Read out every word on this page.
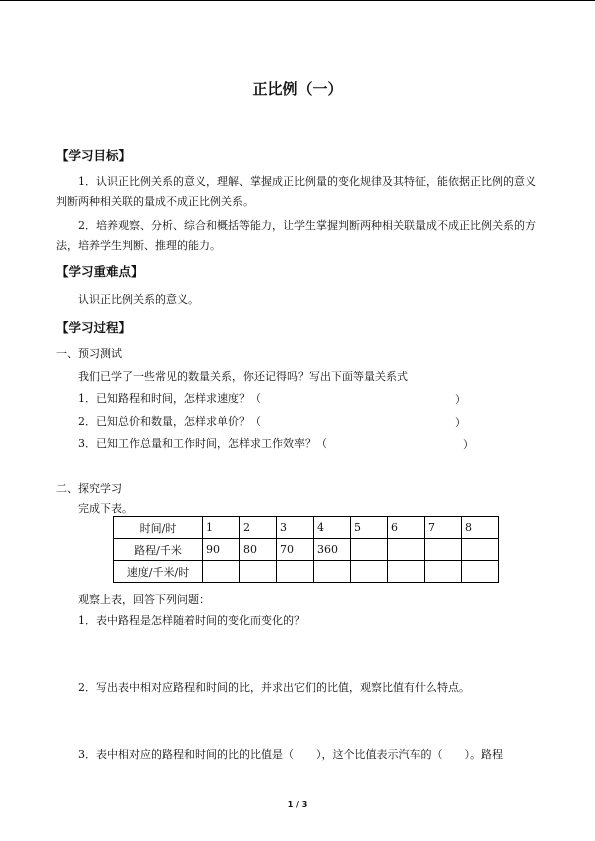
正比例（一）
【学习目标】
1．认识正比例关系的意义，理解、掌握成正比例量的变化规律及其特征，能依据正比例的意义判断两种相关联的量成不成正比例关系。
2．培养观察、分析、综合和概括等能力，让学生掌握判断两种相关联量成不成正比例关系的方法，培养学生判断、推理的能力。
【学习重难点】
认识正比例关系的意义。
【学习过程】
一、预习测试
我们已学了一些常见的数量关系，你还记得吗？写出下面等量关系式
1．已知路程和时间，怎样求速度？（	）
2．已知总价和数量，怎样求单价？（	）
3．已知工作总量和工作时间，怎样求工作效率？（	）
二、探究学习
完成下表。
时间/时	1	2	3	4	5	6	7	8
路程/千米	90	80	70	360				
速度/千米/时								
观察上表，回答下列问题：
1．表中路程是怎样随着时间的变化而变化的？
2．写出表中相对应路程和时间的比，并求出它们的比值，观察比值有什么特点。
3．表中相对应的路程和时间的比的比值是（　　），这个比值表示汽车的（　　）。路程
1 / 3
